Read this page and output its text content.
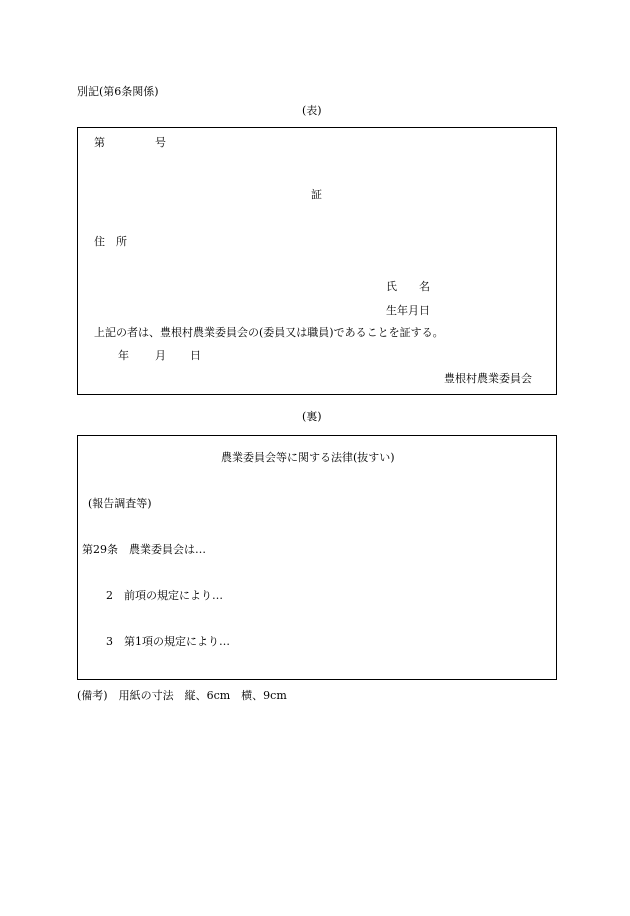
別記(第6条関係)
(表)
第	号
証
住　所
氏　　名
生年月日
上記の者は、豊根村農業委員会の(委員又は職員)であることを証する。
年 月 日
豊根村農業委員会
(裏)
農業委員会等に関する法律(抜すい)
(報告調査等)
第29条　農業委員会は…
2　前項の規定により…
3　第1項の規定により…
(備考)　用紙の寸法　縦、6cm　横、9cm
